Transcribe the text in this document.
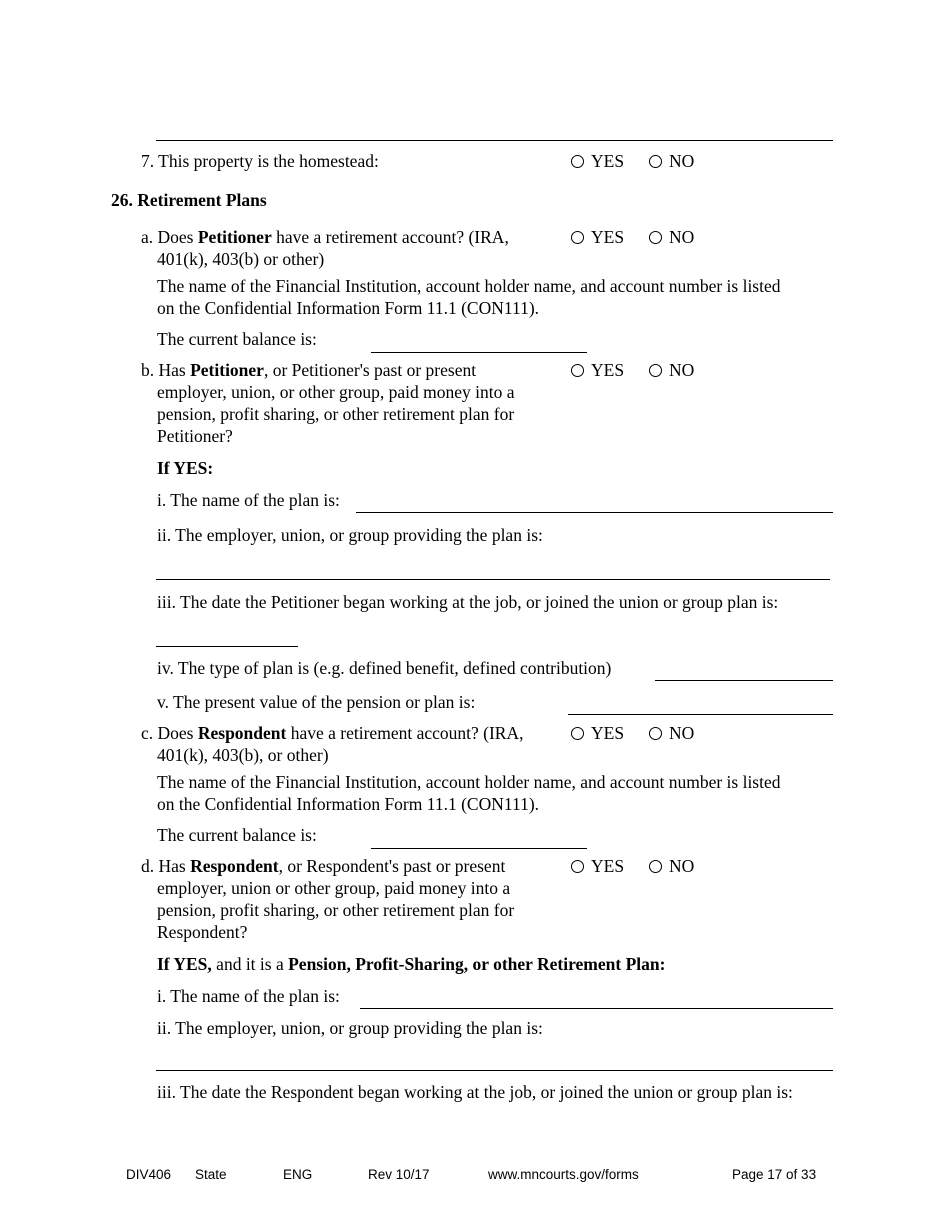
7. This property is the homestead:	YES	NO
26. Retirement Plans
a. Does Petitioner have a retirement account? (IRA,
401(k), 403(b) or other)
YES	NO
The name of the Financial Institution, account holder name, and account number is listed
on the Confidential Information Form 11.1 (CON111).
The current balance is:
b. Has Petitioner, or Petitioner's past or present
employer, union, or other group, paid money into a
pension, profit sharing, or other retirement plan for
Petitioner?
YES	NO
If YES:
i. The name of the plan is:
ii. The employer, union, or group providing the plan is:
iii. The date the Petitioner began working at the job, or joined the union or group plan is:
iv. The type of plan is (e.g. defined benefit, defined contribution)
v. The present value of the pension or plan is:
c. Does Respondent have a retirement account? (IRA,
401(k), 403(b), or other)
YES	NO
The name of the Financial Institution, account holder name, and account number is listed
on the Confidential Information Form 11.1 (CON111).
The current balance is:
d. Has Respondent, or Respondent's past or present
employer, union or other group, paid money into a
pension, profit sharing, or other retirement plan for
Respondent?
YES	NO
If YES, and it is a Pension, Profit-Sharing, or other Retirement Plan:
i. The name of the plan is:
ii. The employer, union, or group providing the plan is:
iii. The date the Respondent began working at the job, or joined the union or group plan is:
DIV406 State	ENG	Rev 10/17	www.mncourts.gov/forms	Page 17 of 33
